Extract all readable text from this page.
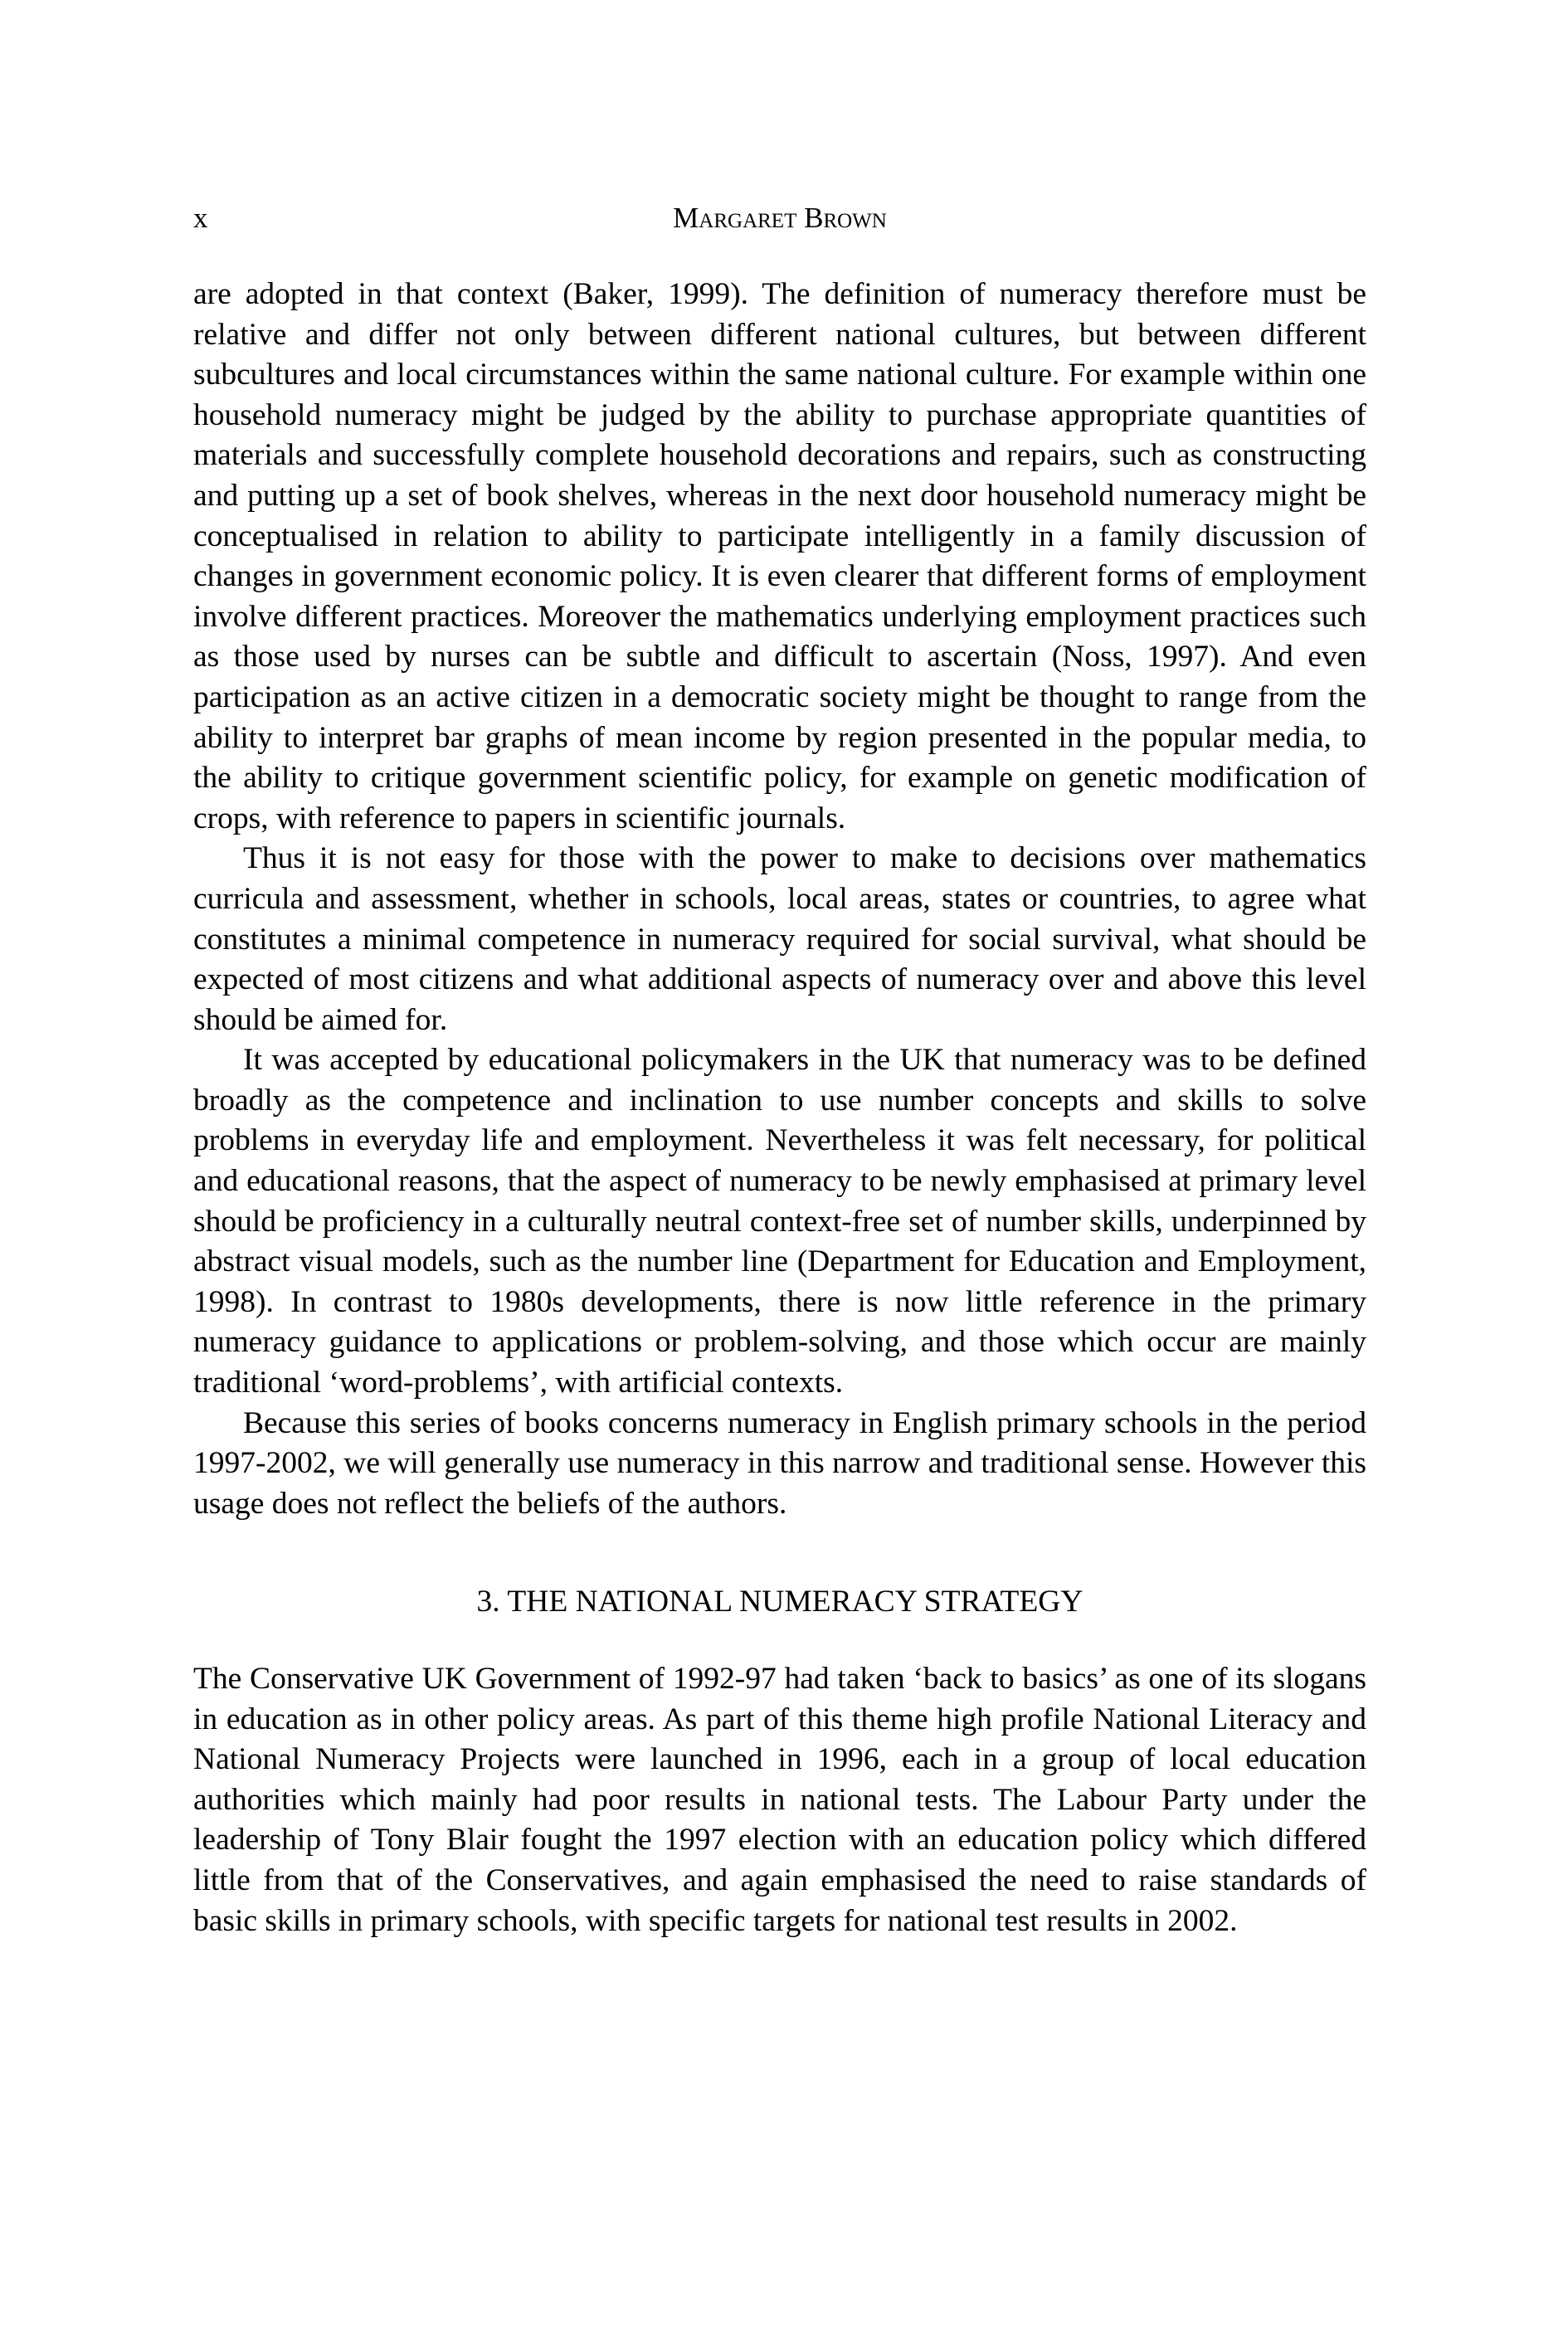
x	Margaret Brown

are adopted in that context (Baker, 1999). The definition of numeracy therefore must be relative and differ not only between different national cultures, but between different subcultures and local circumstances within the same national culture. For example within one household numeracy might be judged by the ability to purchase appropriate quantities of materials and successfully complete household decorations and repairs, such as constructing and putting up a set of book shelves, whereas in the next door household numeracy might be conceptualised in relation to ability to participate intelligently in a family discussion of changes in government economic policy. It is even clearer that different forms of employment involve different practices. Moreover the mathematics underlying employment practices such as those used by nurses can be subtle and difficult to ascertain (Noss, 1997). And even participation as an active citizen in a democratic society might be thought to range from the ability to interpret bar graphs of mean income by region presented in the popular media, to the ability to critique government scientific policy, for example on genetic modification of crops, with reference to papers in scientific journals.

Thus it is not easy for those with the power to make to decisions over mathematics curricula and assessment, whether in schools, local areas, states or countries, to agree what constitutes a minimal competence in numeracy required for social survival, what should be expected of most citizens and what additional aspects of numeracy over and above this level should be aimed for.

It was accepted by educational policymakers in the UK that numeracy was to be defined broadly as the competence and inclination to use number concepts and skills to solve problems in everyday life and employment. Nevertheless it was felt necessary, for political and educational reasons, that the aspect of numeracy to be newly emphasised at primary level should be proficiency in a culturally neutral context-free set of number skills, underpinned by abstract visual models, such as the number line (Department for Education and Employment, 1998). In contrast to 1980s developments, there is now little reference in the primary numeracy guidance to applications or problem-solving, and those which occur are mainly traditional ‘word-problems’, with artificial contexts.

Because this series of books concerns numeracy in English primary schools in the period 1997-2002, we will generally use numeracy in this narrow and traditional sense. However this usage does not reflect the beliefs of the authors.

3. THE NATIONAL NUMERACY STRATEGY

The Conservative UK Government of 1992-97 had taken ‘back to basics’ as one of its slogans in education as in other policy areas. As part of this theme high profile National Literacy and National Numeracy Projects were launched in 1996, each in a group of local education authorities which mainly had poor results in national tests. The Labour Party under the leadership of Tony Blair fought the 1997 election with an education policy which differed little from that of the Conservatives, and again emphasised the need to raise standards of basic skills in primary schools, with specific targets for national test results in 2002.
